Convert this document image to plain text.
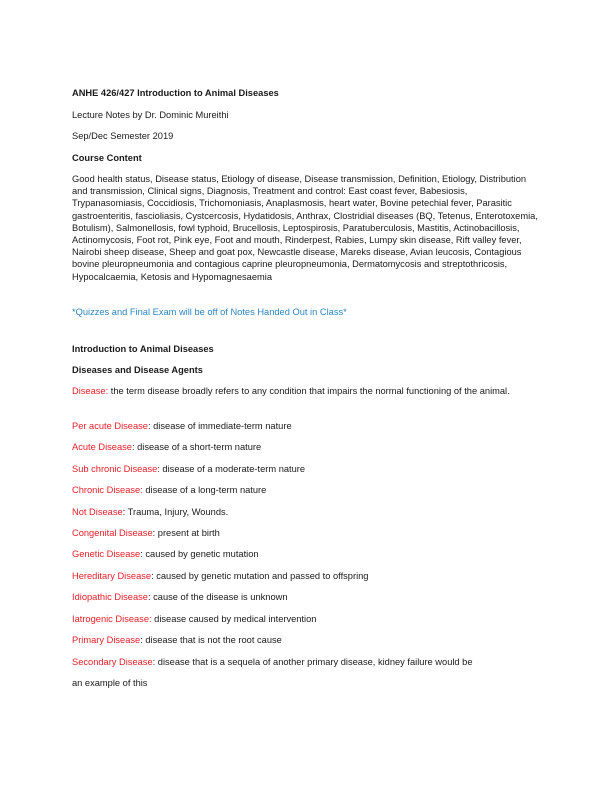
ANHE 426/427 Introduction to Animal Diseases
Lecture Notes by Dr. Dominic Mureithi
Sep/Dec Semester 2019
Course Content
Good health status, Disease status, Etiology of disease, Disease transmission, Definition, Etiology, Distribution and transmission, Clinical signs, Diagnosis, Treatment and control: East coast fever, Babesiosis, Trypanasomiasis, Coccidiosis, Trichomoniasis, Anaplasmosis, heart water, Bovine petechial fever, Parasitic gastroenteritis, fascioliasis, Cystcercosis, Hydatidosis, Anthrax, Clostridial diseases (BQ, Tetenus, Enterotoxemia, Botulism), Salmonellosis, fowl typhoid, Brucellosis, Leptospirosis, Paratuberculosis, Mastitis, Actinobacillosis, Actinomycosis, Foot rot, Pink eye, Foot and mouth, Rinderpest, Rabies, Lumpy skin disease, Rift valley fever, Nairobi sheep disease, Sheep and goat pox, Newcastle disease, Mareks disease, Avian leucosis, Contagious bovine pleuropneumonia and contagious caprine pleuropneumonia, Dermatomycosis and streptothricosis, Hypocalcaemia, Ketosis and Hypomagnesaemia
*Quizzes and Final Exam will be off of Notes Handed Out in Class*
Introduction to Animal Diseases
Diseases and Disease Agents
Disease: the term disease broadly refers to any condition that impairs the normal functioning of the animal.
Per acute Disease: disease of immediate-term nature
Acute Disease: disease of a short-term nature
Sub chronic Disease: disease of a moderate-term nature
Chronic Disease: disease of a long-term nature
Not Disease: Trauma, Injury, Wounds.
Congenital Disease: present at birth
Genetic Disease: caused by genetic mutation
Hereditary Disease: caused by genetic mutation and passed to offspring
Idiopathic Disease: cause of the disease is unknown
Iatrogenic Disease: disease caused by medical intervention
Primary Disease: disease that is not the root cause
Secondary Disease: disease that is a sequela of another primary disease, kidney failure would be
an example of this
